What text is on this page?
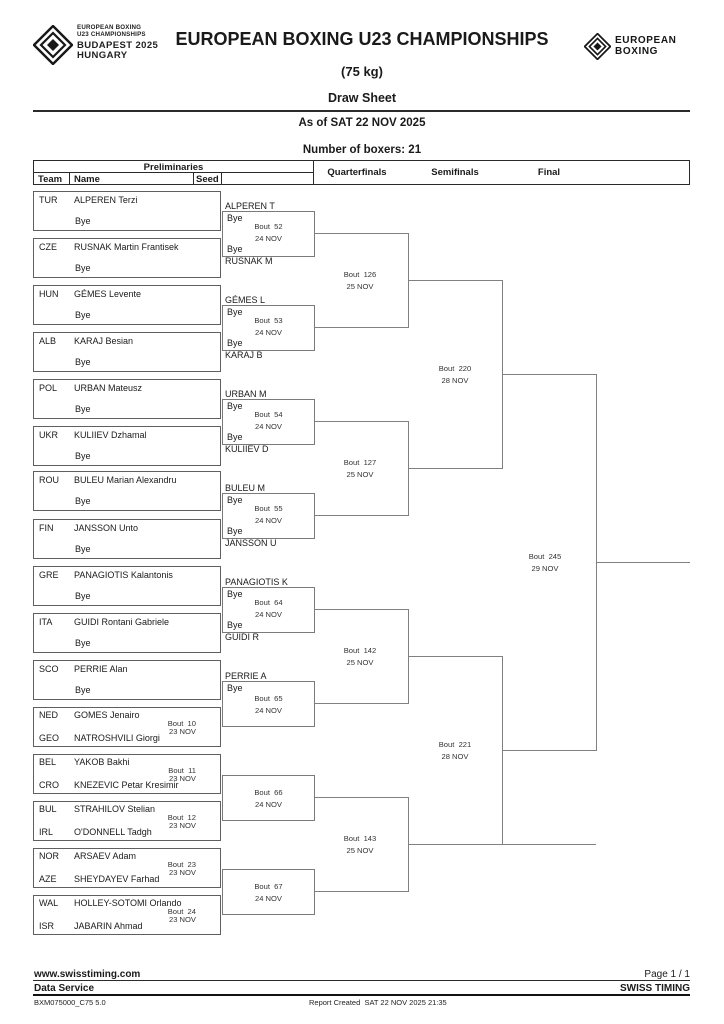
EUROPEAN BOXING
U23 CHAMPIONSHIPS
BUDAPEST 2025
HUNGARY
EUROPEAN BOXING U23 CHAMPIONSHIPS	EUROPEAN
BOXING
(75 kg)
Draw Sheet
As of SAT 22 NOV 2025
Number of boxers: 21
Preliminaries
Team Name	Seed
Quarterfinals	Semifinals	Final
TUR ALPEREN Terzi
Bye
CZE RUSNAK Martin Frantisek
Bye
HUN GÉMES Levente
Bye
ALB KARAJ Besian
Bye
POL URBAN Mateusz
Bye
UKR KULIIEV Dzhamal
Bye
ROU BULEU Marian Alexandru
Bye
FIN JANSSON Unto
Bye
GRE PANAGIOTIS Kalantonis
Bye
ITA GUIDI Rontani Gabriele
Bye
SCO PERRIE Alan
Bye
NED GOMES Jenairo
Bout  10
23 NOV
GEO NATROSHVILI Giorgi
BEL YAKOB Bakhi
Bout  11
23 NOV
CRO KNEZEVIC Petar Kresimir
BUL STRAHILOV Stelian
Bout  12
23 NOV
IRL O'DONNELL Tadgh
NOR ARSAEV Adam
Bout  23
23 NOV
AZE SHEYDAYEV Farhad
WAL HOLLEY-SOTOMI Orlando
Bout  24
23 NOV
ISR JABARIN Ahmad
ALPEREN T
Bye
Bout  52
24 NOV
Bye
RUSNAK M
GÉMES L
Bye
Bout  53
24 NOV
Bye
KARAJ B
URBAN M
Bye
Bout  54
24 NOV
Bye
KULIIEV D
BULEU M
Bye
Bout  55
24 NOV
Bye
JANSSON U
PANAGIOTIS K
Bye
Bout  64
24 NOV
Bye
GUIDI R
PERRIE A
Bye
Bout  65
24 NOV
Bout  66
24 NOV
Bout  67
24 NOV
Bout  126
25 NOV
Bout  127
25 NOV
Bout  142
25 NOV
Bout  143
25 NOV
Bout  220
28 NOV
Bout  221
28 NOV
Bout  245
29 NOV
www.swisstiming.com	Page 1 / 1
Data Service	SWISS TIMING
BXM075000_C75 5.0	Report Created  SAT 22 NOV 2025 21:35
